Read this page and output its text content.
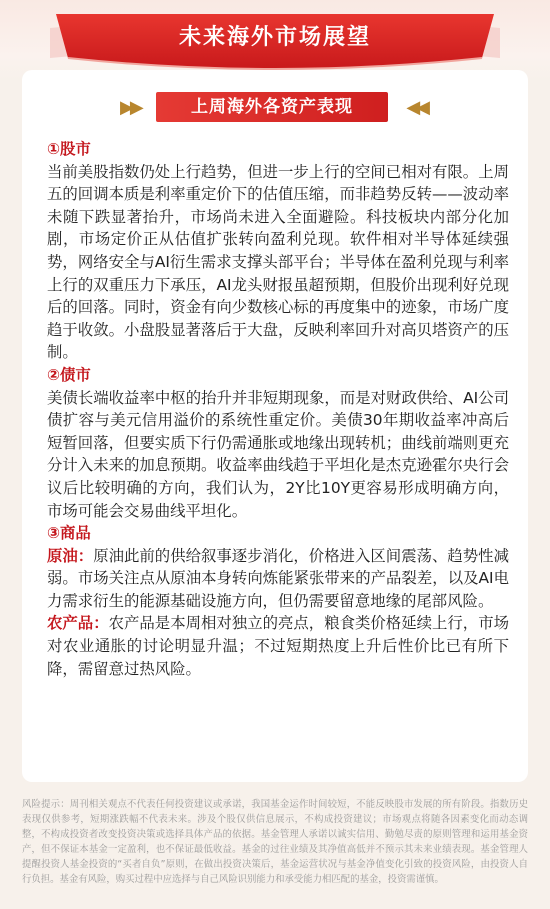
未来海外市场展望
▶▶	上周海外各资产表现	◀◀

①股市

当前美股指数仍处上行趋势，但进一步上行的空间已相对有限。上周五的回调本质是利率重定价下的估值压缩，而非趋势反转——波动率未随下跌显著抬升，市场尚未进入全面避险。科技板块内部分化加剧，市场定价正从估值扩张转向盈利兑现。软件相对半导体延续强势，网络安全与AI衍生需求支撑头部平台；半导体在盈利兑现与利率上行的双重压力下承压，AI龙头财报虽超预期，但股价出现利好兑现后的回落。同时，资金有向少数核心标的再度集中的迹象，市场广度趋于收敛。小盘股显著落后于大盘，反映利率回升对高贝塔资产的压制。

②债市

美债长端收益率中枢的抬升并非短期现象，而是对财政供给、AI公司债扩容与美元信用溢价的系统性重定价。美债30年期收益率冲高后短暂回落，但要实质下行仍需通胀或地缘出现转机；曲线前端则更充分计入未来的加息预期。收益率曲线趋于平坦化是杰克逊霍尔央行会议后比较明确的方向，我们认为，2Y比10Y更容易形成明确方向，市场可能会交易曲线平坦化。

③商品

原油：原油此前的供给叙事逐步消化，价格进入区间震荡、趋势性减弱。市场关注点从原油本身转向炼能紧张带来的产品裂差，以及AI电力需求衍生的能源基础设施方向，但仍需要留意地缘的尾部风险。

农产品：农产品是本周相对独立的亮点，粮食类价格延续上行，市场对农业通胀的讨论明显升温；不过短期热度上升后性价比已有所下降，需留意过热风险。

风险提示：周刊相关观点不代表任何投资建议或承诺，我国基金运作时间较短，不能反映股市发展的所有阶段。指数历史表现仅供参考，短期涨跌幅不代表未来。涉及个股仅供信息展示，不构成投资建议；市场观点将随各因素变化而动态调整，不构成投资者改变投资决策或选择具体产品的依据。基金管理人承诺以诚实信用、勤勉尽责的原则管理和运用基金资产，但不保证本基金一定盈利，也不保证最低收益。基金的过往业绩及其净值高低并不预示其未来业绩表现。基金管理人提醒投资人基金投资的“买者自负”原则，在做出投资决策后，基金运营状况与基金净值变化引致的投资风险，由投资人自行负担。基金有风险，购买过程中应选择与自己风险识别能力和承受能力相匹配的基金，投资需谨慎。
